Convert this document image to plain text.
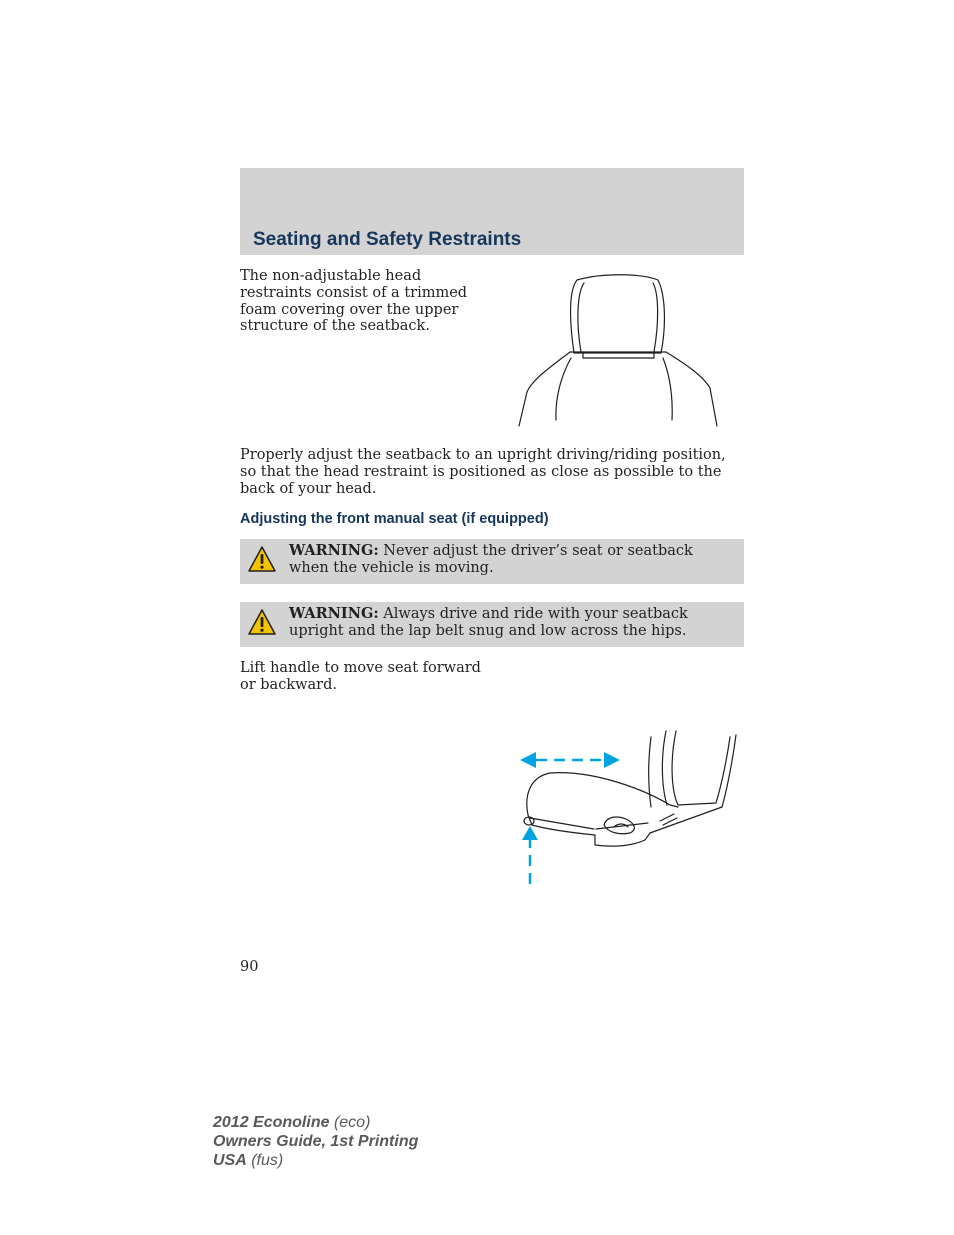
Seating and Safety Restraints

The non-adjustable head restraints consist of a trimmed foam covering over the upper structure of the seatback.

Properly adjust the seatback to an upright driving/riding position, so that the head restraint is positioned as close as possible to the back of your head.

Adjusting the front manual seat (if equipped)

WARNING: Never adjust the driver’s seat or seatback when the vehicle is moving.

WARNING: Always drive and ride with your seatback upright and the lap belt snug and low across the hips.

Lift handle to move seat forward or backward.

90
2012 Econoline (eco)
Owners Guide, 1st Printing
USA (fus)
